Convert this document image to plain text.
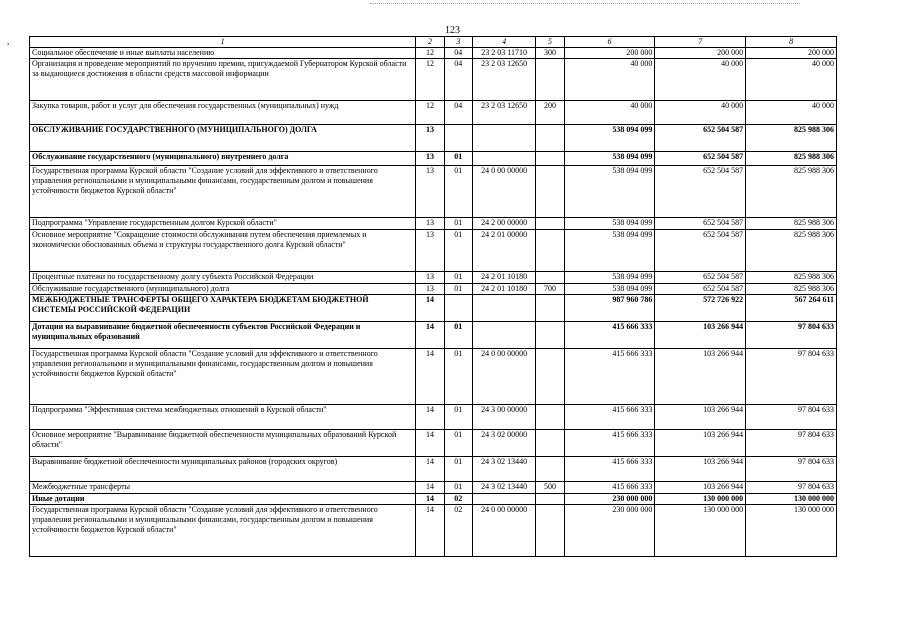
,
123
1	2	3	4	5	6	7	8
Социальное обеспечение и иные выплаты населению	12	04	23 2 03 11710	300	200 000	200 000	200 000
Организация и проведение мероприятий по вручению премии, присуждаемой Губернатором Курской области за выдающиеся достижения в области средств массовой информации	12	04	23 2 03 12650		40 000	40 000	40 000
Закупка товаров, работ и услуг для обеспечения государственных (муниципальных) нужд	12	04	23 2 03 12650	200	40 000	40 000	40 000
ОБСЛУЖИВАНИЕ ГОСУДАРСТВЕННОГО (МУНИЦИПАЛЬНОГО) ДОЛГА	13				538 094 099	652 504 587	825 988 306
Обслуживание государственного (муниципального) внутреннего долга	13	01			538 094 099	652 504 587	825 988 306
Государственная программа Курской области "Создание условий для эффективного и ответственного управления региональными и муниципальными финансами, государственным долгом и повышения устойчивости бюджетов Курской области"	13	01	24 0 00 00000		538 094 099	652 504 587	825 988 306
Подпрограмма "Управление государственным долгом Курской области"	13	01	24 2 00 00000		538 094 099	652 504 587	825 988 306
Основное мероприятие "Сокращение стоимости обслуживания путем обеспечения приемлемых и экономически обоснованных объема и структуры государственного долга Курской области"	13	01	24 2 01 00000		538 094 099	652 504 587	825 988 306
Процентные платежи по государственному долгу субъекта Российской Федерации	13	01	24 2 01 10180		538 094 099	652 504 587	825 988 306
Обслуживание государственного (муниципального) долга	13	01	24 2 01 10180	700	538 094 099	652 504 587	825 988 306
МЕЖБЮДЖЕТНЫЕ ТРАНСФЕРТЫ ОБЩЕГО ХАРАКТЕРА БЮДЖЕТАМ БЮДЖЕТНОЙ СИСТЕМЫ РОССИЙСКОЙ ФЕДЕРАЦИИ	14				987 960 786	572 726 922	567 264 611
Дотации на выравнивание бюджетной обеспеченности субъектов Российской Федерации и муниципальных образований	14	01			415 666 333	103 266 944	97 804 633
Государственная программа Курской области "Создание условий для эффективного и ответственного управления региональными и муниципальными финансами, государственным долгом и повышения устойчивости бюджетов Курской области"	14	01	24 0 00 00000		415 666 333	103 266 944	97 804 633
Подпрограмма "Эффективная система межбюджетных отношений в Курской области"	14	01	24 3 00 00000		415 666 333	103 266 944	97 804 633
Основное мероприятие "Выравнивание бюджетной обеспеченности муниципальных образований Курской области"	14	01	24 3 02 00000		415 666 333	103 266 944	97 804 633
Выравнивание бюджетной обеспеченности муниципальных районов (городских округов)	14	01	24 3 02 13440		415 666 333	103 266 944	97 804 633
Межбюджетные трансферты	14	01	24 3 02 13440	500	415 666 333	103 266 944	97 804 633
Иные дотации	14	02			230 000 000	130 000 000	130 000 000
Государственная программа Курской области "Создание условий для эффективного и ответственного управления региональными и муниципальными финансами, государственным долгом и повышения устойчивости бюджетов Курской области"	14	02	24 0 00 00000		230 000 000	130 000 000	130 000 000
